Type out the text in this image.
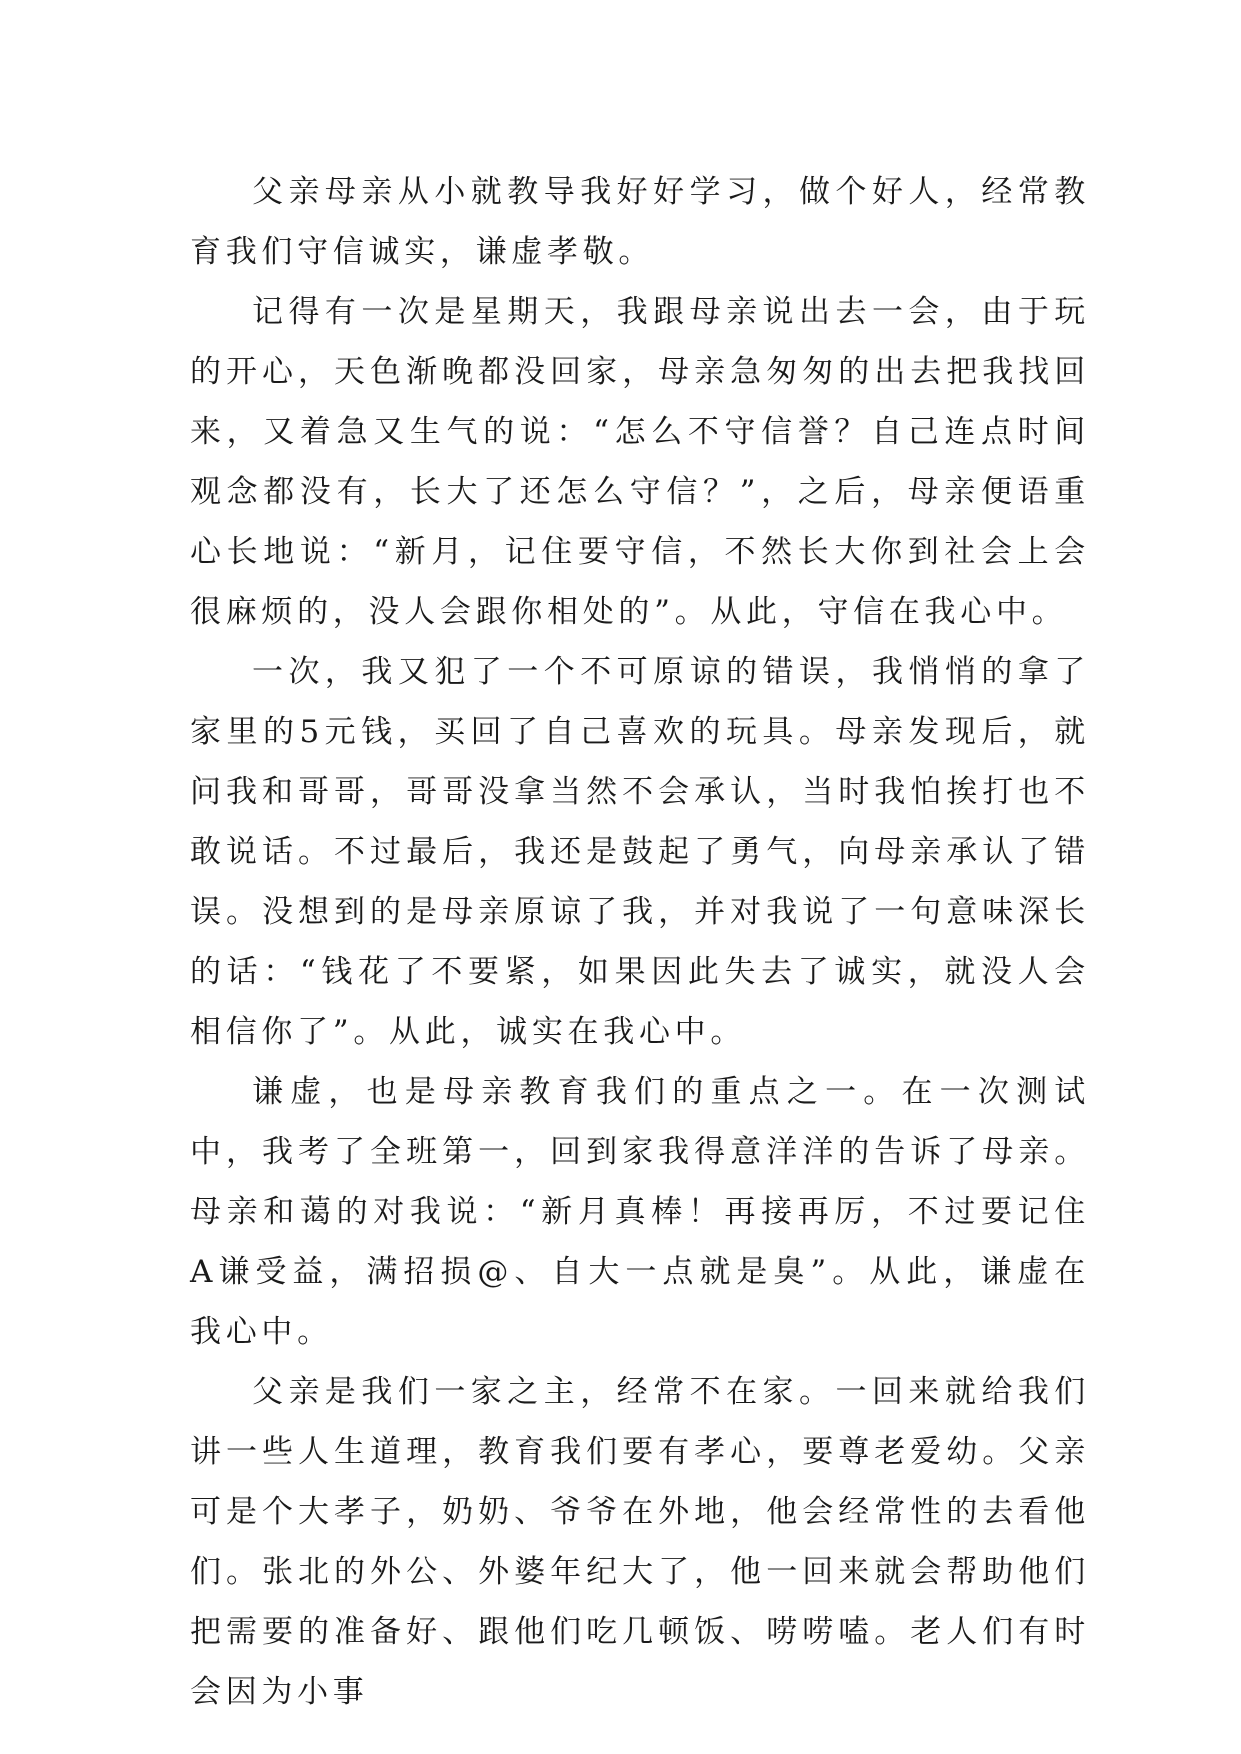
父亲母亲从小就教导我好好学习，做个好人，经常教育我们守信诚实，谦虚孝敬。

记得有一次是星期天，我跟母亲说出去一会，由于玩的开心，天色渐晚都没回家，母亲急匆匆的出去把我找回来，又着急又生气的说：“怎么不守信誉？自己连点时间观念都没有，长大了还怎么守信？”，之后，母亲便语重心长地说：“新月，记住要守信，不然长大你到社会上会很麻烦的，没人会跟你相处的”。从此，守信在我心中。

一次，我又犯了一个不可原谅的错误，我悄悄的拿了家里的5元钱，买回了自己喜欢的玩具。母亲发现后，就问我和哥哥，哥哥没拿当然不会承认，当时我怕挨打也不敢说话。不过最后，我还是鼓起了勇气，向母亲承认了错误。没想到的是母亲原谅了我，并对我说了一句意味深长的话：“钱花了不要紧，如果因此失去了诚实，就没人会相信你了”。从此，诚实在我心中。

谦虚，也是母亲教育我们的重点之一。在一次测试中，我考了全班第一，回到家我得意洋洋的告诉了母亲。母亲和蔼的对我说：“新月真棒！再接再厉，不过要记住A谦受益，满招损@、自大一点就是臭”。从此，谦虚在我心中。

父亲是我们一家之主，经常不在家。一回来就给我们讲一些人生道理，教育我们要有孝心，要尊老爱幼。父亲可是个大孝子，奶奶、爷爷在外地，他会经常性的去看他们。张北的外公、外婆年纪大了，他一回来就会帮助他们把需要的准备好、跟他们吃几顿饭、唠唠嗑。老人们有时会因为小事
